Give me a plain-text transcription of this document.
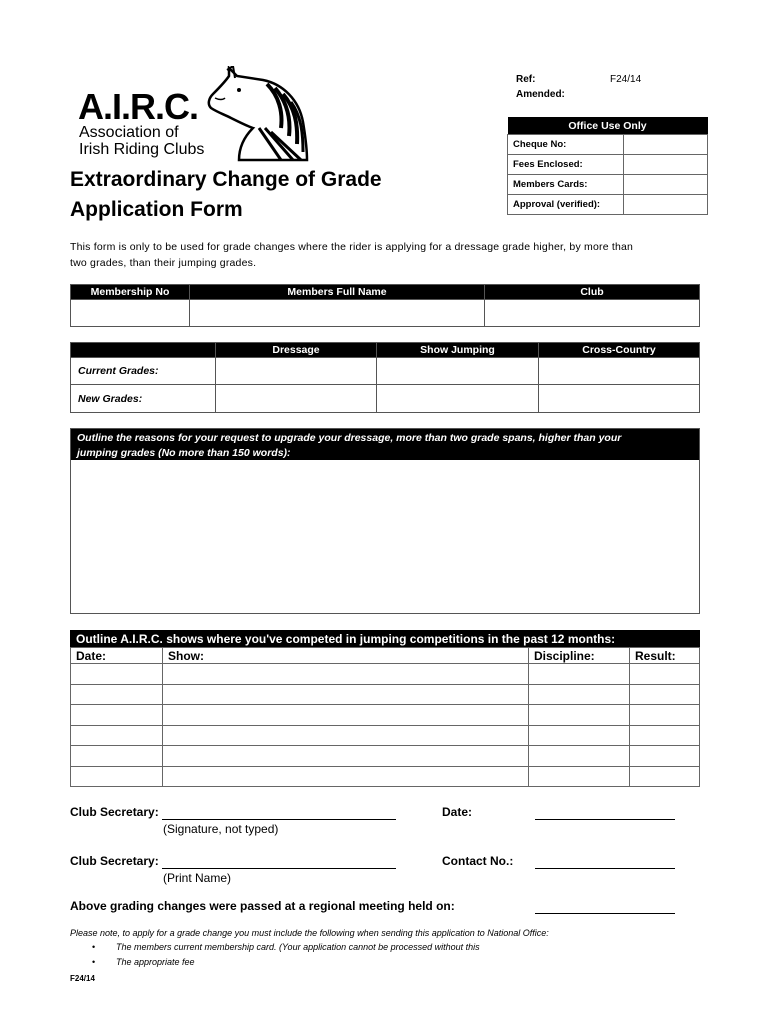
A.I.R.C.
Association of
Irish Riding Clubs
Ref:	F24/14
Amended:
Extraordinary Change of Grade
Application Form
Office Use Only	
Cheque No:	
Fees Enclosed:	
Members Cards:	
Approval (verified):	
This form is only to be used for grade changes where the rider is applying for a dressage grade higher, by more than
two grades, than their jumping grades.
Membership No	Members Full Name	Club

	Dressage	Show Jumping	Cross-Country
Current Grades:			
New Grades:			
Outline the reasons for your request to upgrade your dressage, more than two grade spans, higher than your
jumping grades (No more than 150 words):
Outline A.I.R.C. shows where you've competed in jumping competitions in the past 12 months:
Date:	Show:	Discipline:	Result:

Club Secretary:
(Signature, not typed)
Date:
Club Secretary:
(Print Name)
Contact No.:
Above grading changes were passed at a regional meeting held on:
Please note, to apply for a grade change you must include the following when sending this application to National Office:
• The members current membership card. (Your application cannot be processed without this
• The appropriate fee
F24/14
